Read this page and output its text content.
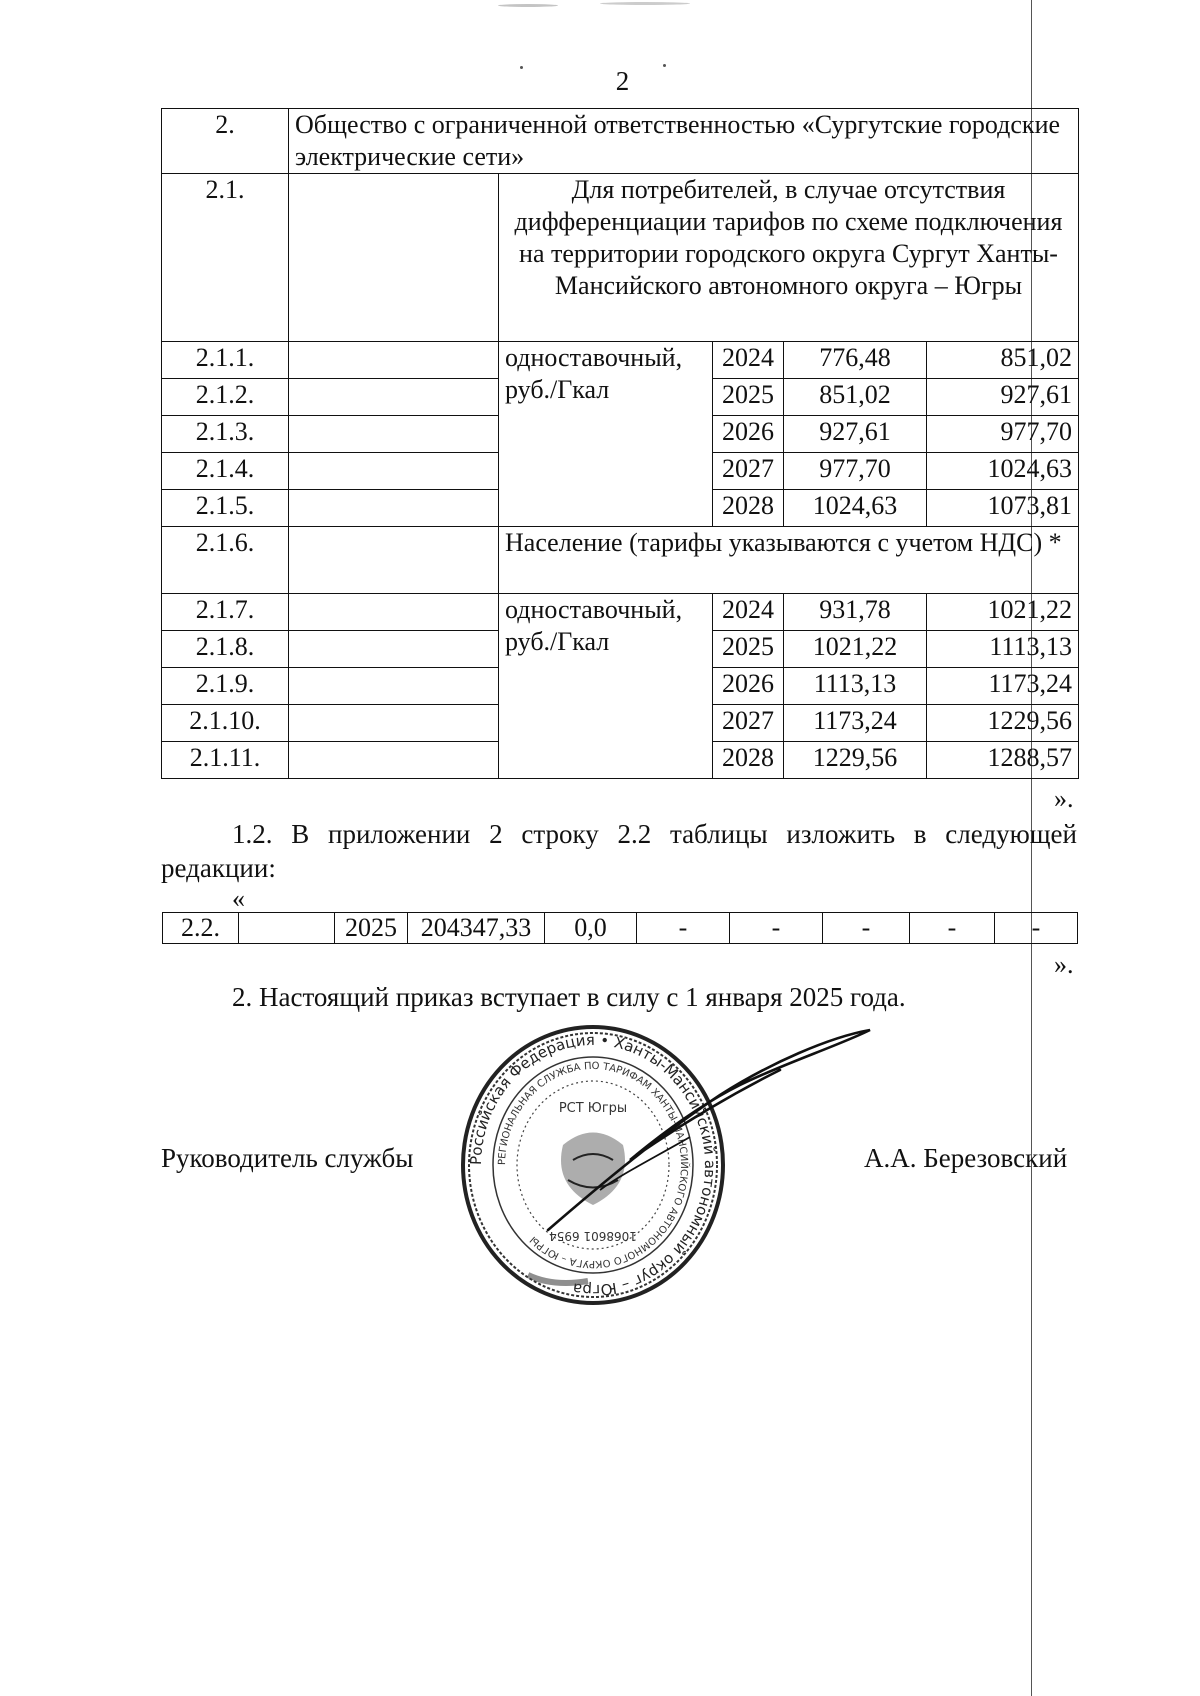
2
2.	Общество с ограниченной ответственностью «Сургутские городские электрические сети»				
2.1.		Для потребителей, в случае отсутствия дифференциации тарифов по схеме подключения на территории городского округа Сургут Ханты-Мансийского автономного округа – Югры			
2.1.1.		одноставочный, руб./Гкал	2024	776,48	851,02
2.1.2.			2025	851,02	927,61
2.1.3.			2026	927,61	977,70
2.1.4.			2027	977,70	1024,63
2.1.5.			2028	1024,63	1073,81
2.1.6.		Население (тарифы указываются с учетом НДС) *			
2.1.7.		одноставочный, руб./Гкал	2024	931,78	1021,22
2.1.8.			2025	1021,22	1113,13
2.1.9.			2026	1113,13	1173,24
2.1.10.			2027	1173,24	1229,56
2.1.11.			2028	1229,56	1288,57
».
1.2. В приложении 2 строку 2.2 таблицы изложить в следующей редакции:
«
2.2.		2025	204347,33	0,0	-	-	-	-	-
».
2. Настоящий приказ вступает в силу с 1 января 2025 года.
Руководитель службы	А.А. Березовский
Российская Федерация • Ханты-Мансийский автономный округ – Югра
РЕГИОНАЛЬНАЯ СЛУЖБА ПО ТАРИФАМ ХАНТЫ-МАНСИЙСКОГО АВТОНОМНОГО ОКРУГА – ЮГРЫ
РСТ Югры
1068601 6954
